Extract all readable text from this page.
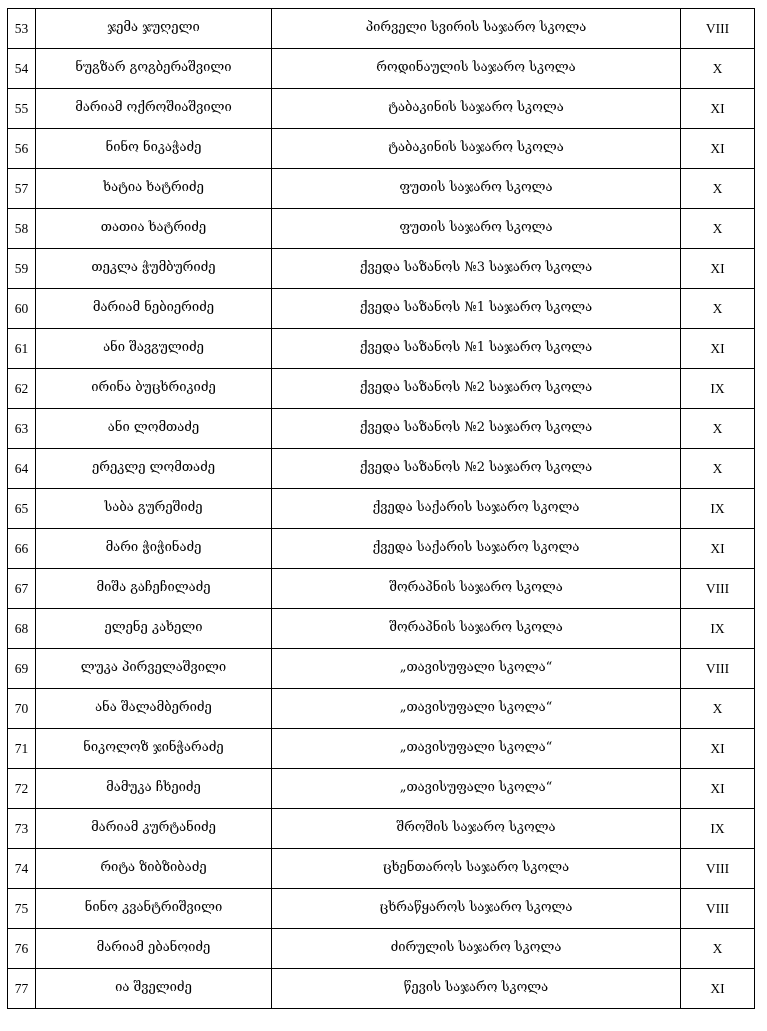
53	ჯემა ჯუღელი	პირველი სვირის საჯარო სკოლა	VIII
54	ნუგზარ გოგბერაშვილი	როდინაულის საჯარო სკოლა	X
55	მარიამ ოქროშიაშვილი	ტაბაკინის საჯარო სკოლა	XI
56	ნინო ნიკაჭაძე	ტაბაკინის საჯარო სკოლა	XI
57	ხატია ხატრიძე	ფუთის საჯარო სკოლა	X
58	თათია ხატრიძე	ფუთის საჯარო სკოლა	X
59	თეკლა ჭუმბურიძე	ქვედა საზანოს №3 საჯარო სკოლა	XI
60	მარიამ ნებიერიძე	ქვედა საზანოს №1 საჯარო სკოლა	X
61	ანი შავგულიძე	ქვედა საზანოს №1 საჯარო სკოლა	XI
62	ირინა ბუცხრიკიძე	ქვედა საზანოს №2 საჯარო სკოლა	IX
63	ანი ლომთაძე	ქვედა საზანოს №2 საჯარო სკოლა	X
64	ერეკლე ლომთაძე	ქვედა საზანოს №2 საჯარო სკოლა	X
65	საბა გურეშიძე	ქვედა საქარის საჯარო სკოლა	IX
66	მარი ჭიჭინაძე	ქვედა საქარის საჯარო სკოლა	XI
67	მიშა გაჩეჩილაძე	შორაპნის საჯარო სკოლა	VIII
68	ელენე კახელი	შორაპნის საჯარო სკოლა	IX
69	ლუკა პირველაშვილი	„თავისუფალი სკოლა“	VIII
70	ანა შალამბერიძე	„თავისუფალი სკოლა“	X
71	ნიკოლოზ ჯინჭარაძე	„თავისუფალი სკოლა“	XI
72	მამუკა ჩხეიძე	„თავისუფალი სკოლა“	XI
73	მარიამ კურტანიძე	შროშის საჯარო სკოლა	IX
74	რიტა ზიბზიბაძე	ცხენთაროს საჯარო სკოლა	VIII
75	ნინო კვანტრიშვილი	ცხრაწყაროს საჯარო სკოლა	VIII
76	მარიამ ებანოიძე	ძირულის საჯარო სკოლა	X
77	ია შველიძე	წევის საჯარო სკოლა	XI
